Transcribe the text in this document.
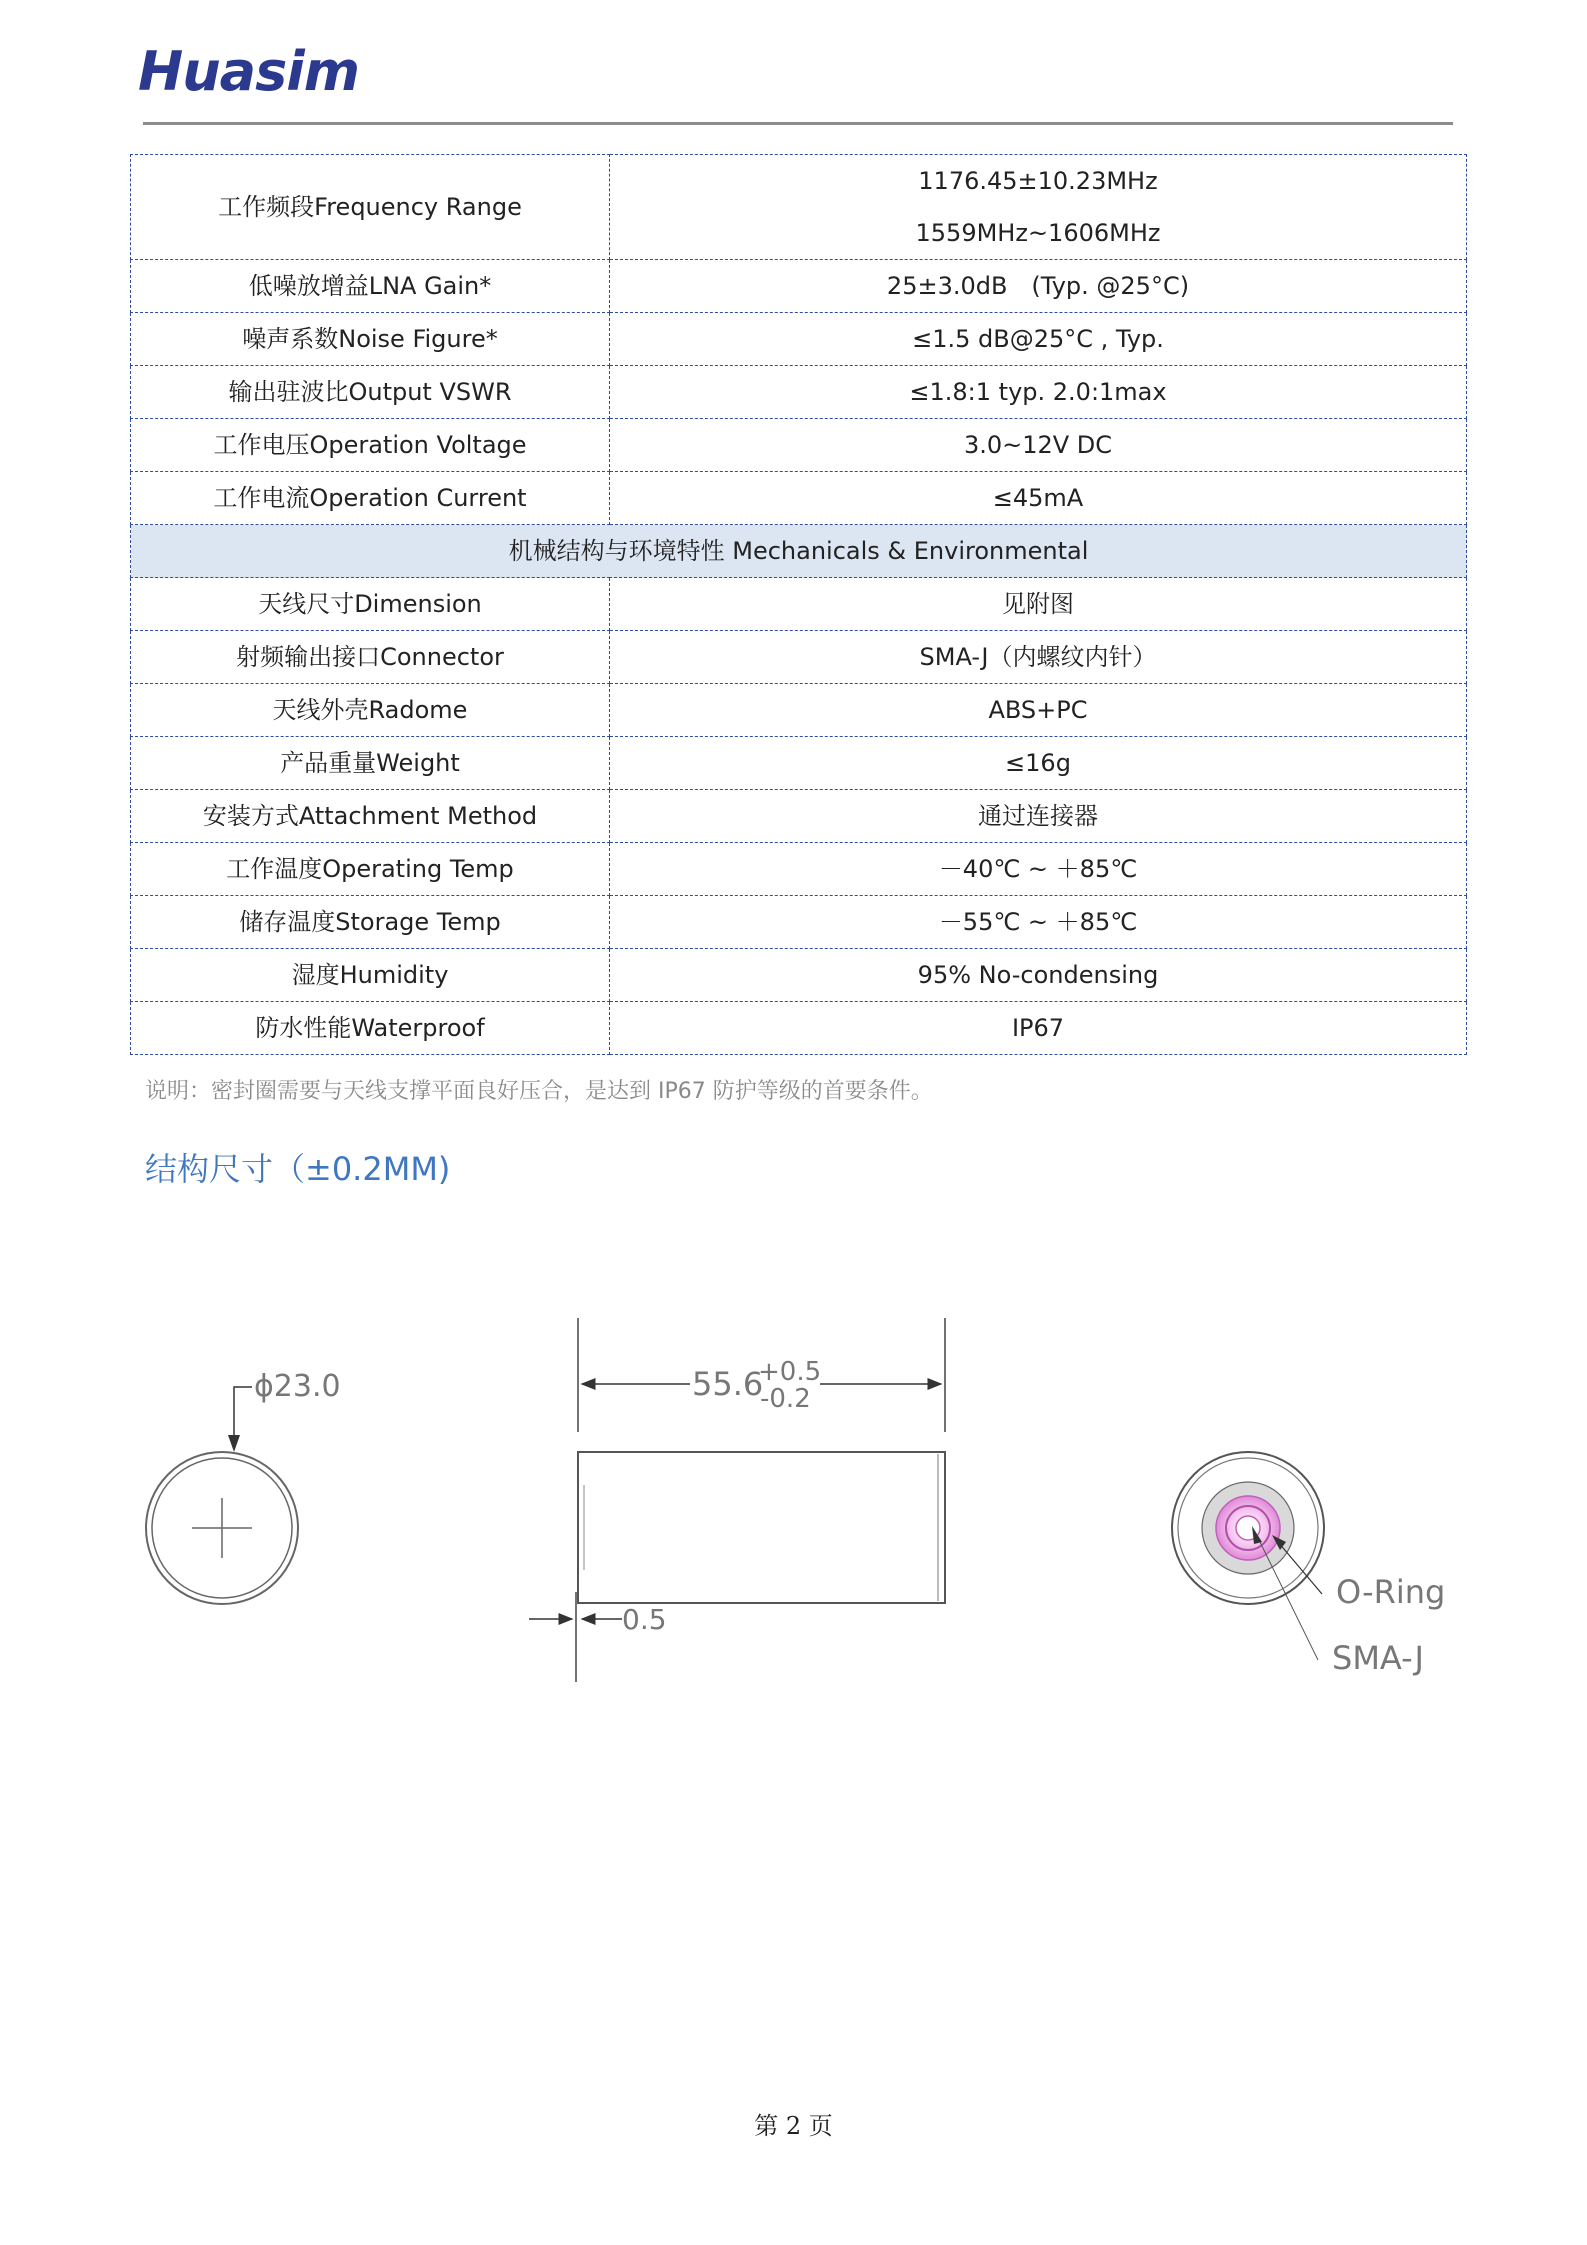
Huasim
工作频段Frequency Range	1176.45±10.23MHz
1559MHz~1606MHz

低噪放增益LNA Gain*	25±3.0dB　(Typ. @25°C)
噪声系数Noise Figure*	≤1.5 dB@25°C , Typ.
输出驻波比Output VSWR	≤1.8:1 typ. 2.0:1max
工作电压Operation Voltage	3.0~12V DC
工作电流Operation Current	≤45mA
机械结构与环境特性 Mechanicals & Environmental	
天线尺寸Dimension	见附图
射频输出接口Connector	SMA-J（内螺纹内针）
天线外壳Radome	ABS+PC
产品重量Weight	≤16g
安装方式Attachment Method	通过连接器
工作温度Operating Temp	－40℃ ~ ＋85℃
储存温度Storage Temp	－55℃ ~ ＋85℃
湿度Humidity	95% No-condensing
防水性能Waterproof	IP67
说明：密封圈需要与天线支撑平面良好压合，是达到 IP67 防护等级的首要条件。
结构尺寸（±0.2MM)
ϕ23.0	55.6
+0.5
-0.2
0.5
O-Ring
SMA-J
第 2 页
